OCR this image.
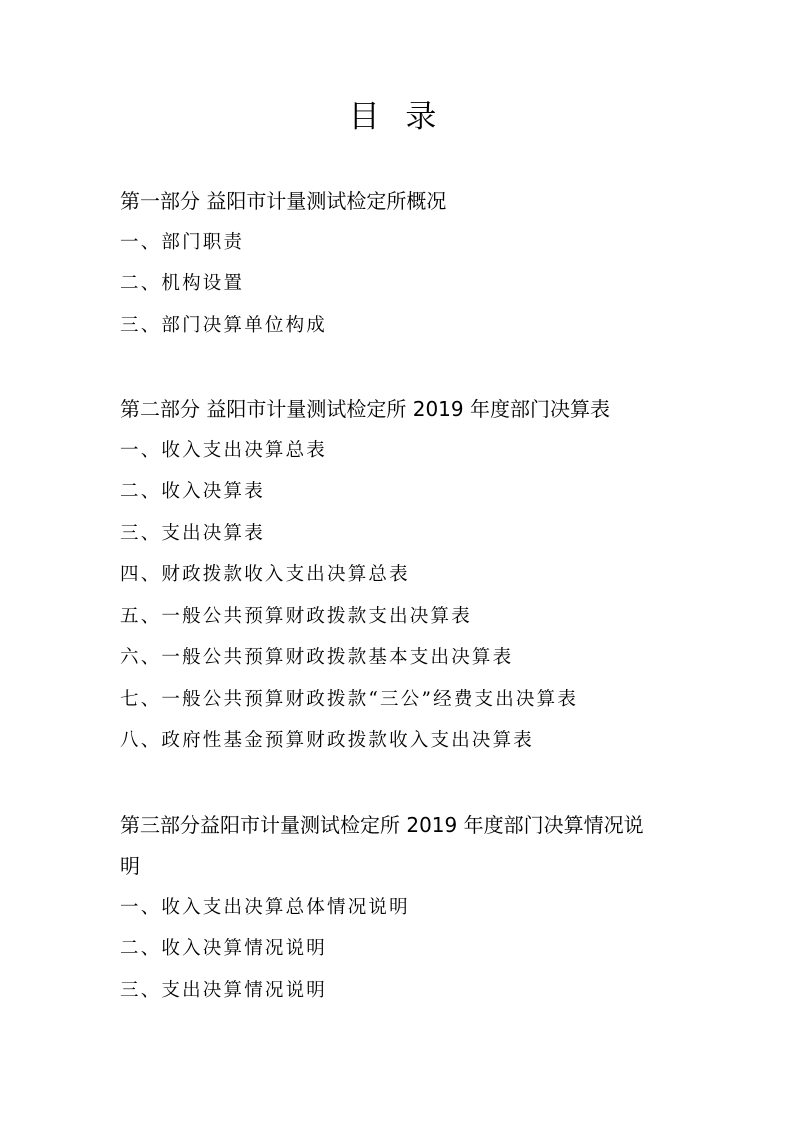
目 录
第一部分 益阳市计量测试检定所概况
一、部门职责
二、机构设置
三、部门决算单位构成
第二部分 益阳市计量测试检定所 2019 年度部门决算表
一、收入支出决算总表
二、收入决算表
三、支出决算表
四、财政拨款收入支出决算总表
五、一般公共预算财政拨款支出决算表
六、一般公共预算财政拨款基本支出决算表
七、一般公共预算财政拨款“三公”经费支出决算表
八、政府性基金预算财政拨款收入支出决算表
第三部分益阳市计量测试检定所 2019 年度部门决算情况说
明
一、收入支出决算总体情况说明
二、收入决算情况说明
三、支出决算情况说明
